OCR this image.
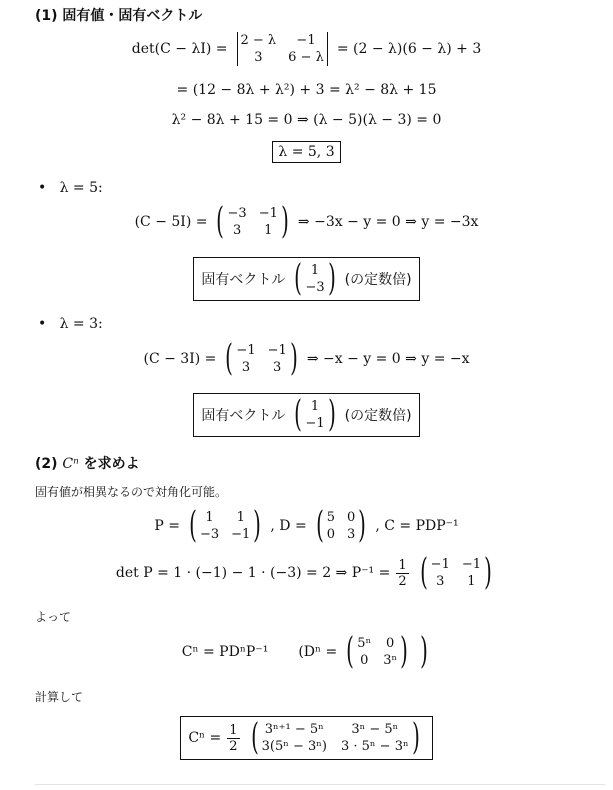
(1) 固有値・固有ベクトル
det(C − λI) =
2 − λ	−1
3	6 − λ
= (2 − λ)(6 − λ) + 3
= (12 − 8λ + λ²) + 3 = λ² − 8λ + 15
λ² − 8λ + 15 = 0 ⇒ (λ − 5)(λ − 3) = 0
λ = 5, 3
•   λ = 5:
(C − 5I) = ( −3 −1
3	1 ) ⇒ −3x − y = 0 ⇒ y = −3x
固有ベクトル ( 1
−3 ) (の定数倍)
•   λ = 3:
(C − 3I) = ( −1 −1
3	3 ) ⇒ −x − y = 0 ⇒ y = −x
固有ベクトル ( 1
−1 ) (の定数倍)
(2) Cⁿ を求めよ
固有値が相異なるので対角化可能。
P = ( 1	1
−3 −1 ) , D = ( 5 0
0 3 ) , C = PDP⁻¹
det P = 1 · (−1) − 1 · (−3) = 2 ⇒ $P^{-1} = \frac{1}{2}$ ( −1 −1
3	1 )
よって
Cⁿ = PDⁿP⁻¹ (Dⁿ = ( 5ⁿ 0
0 3ⁿ ) )
計算して
$C^n = \frac{1}{2}$ ( 3ⁿ⁺¹ − 5ⁿ	3ⁿ − 5ⁿ
3(5ⁿ − 3ⁿ) 3 · 5ⁿ − 3ⁿ )
